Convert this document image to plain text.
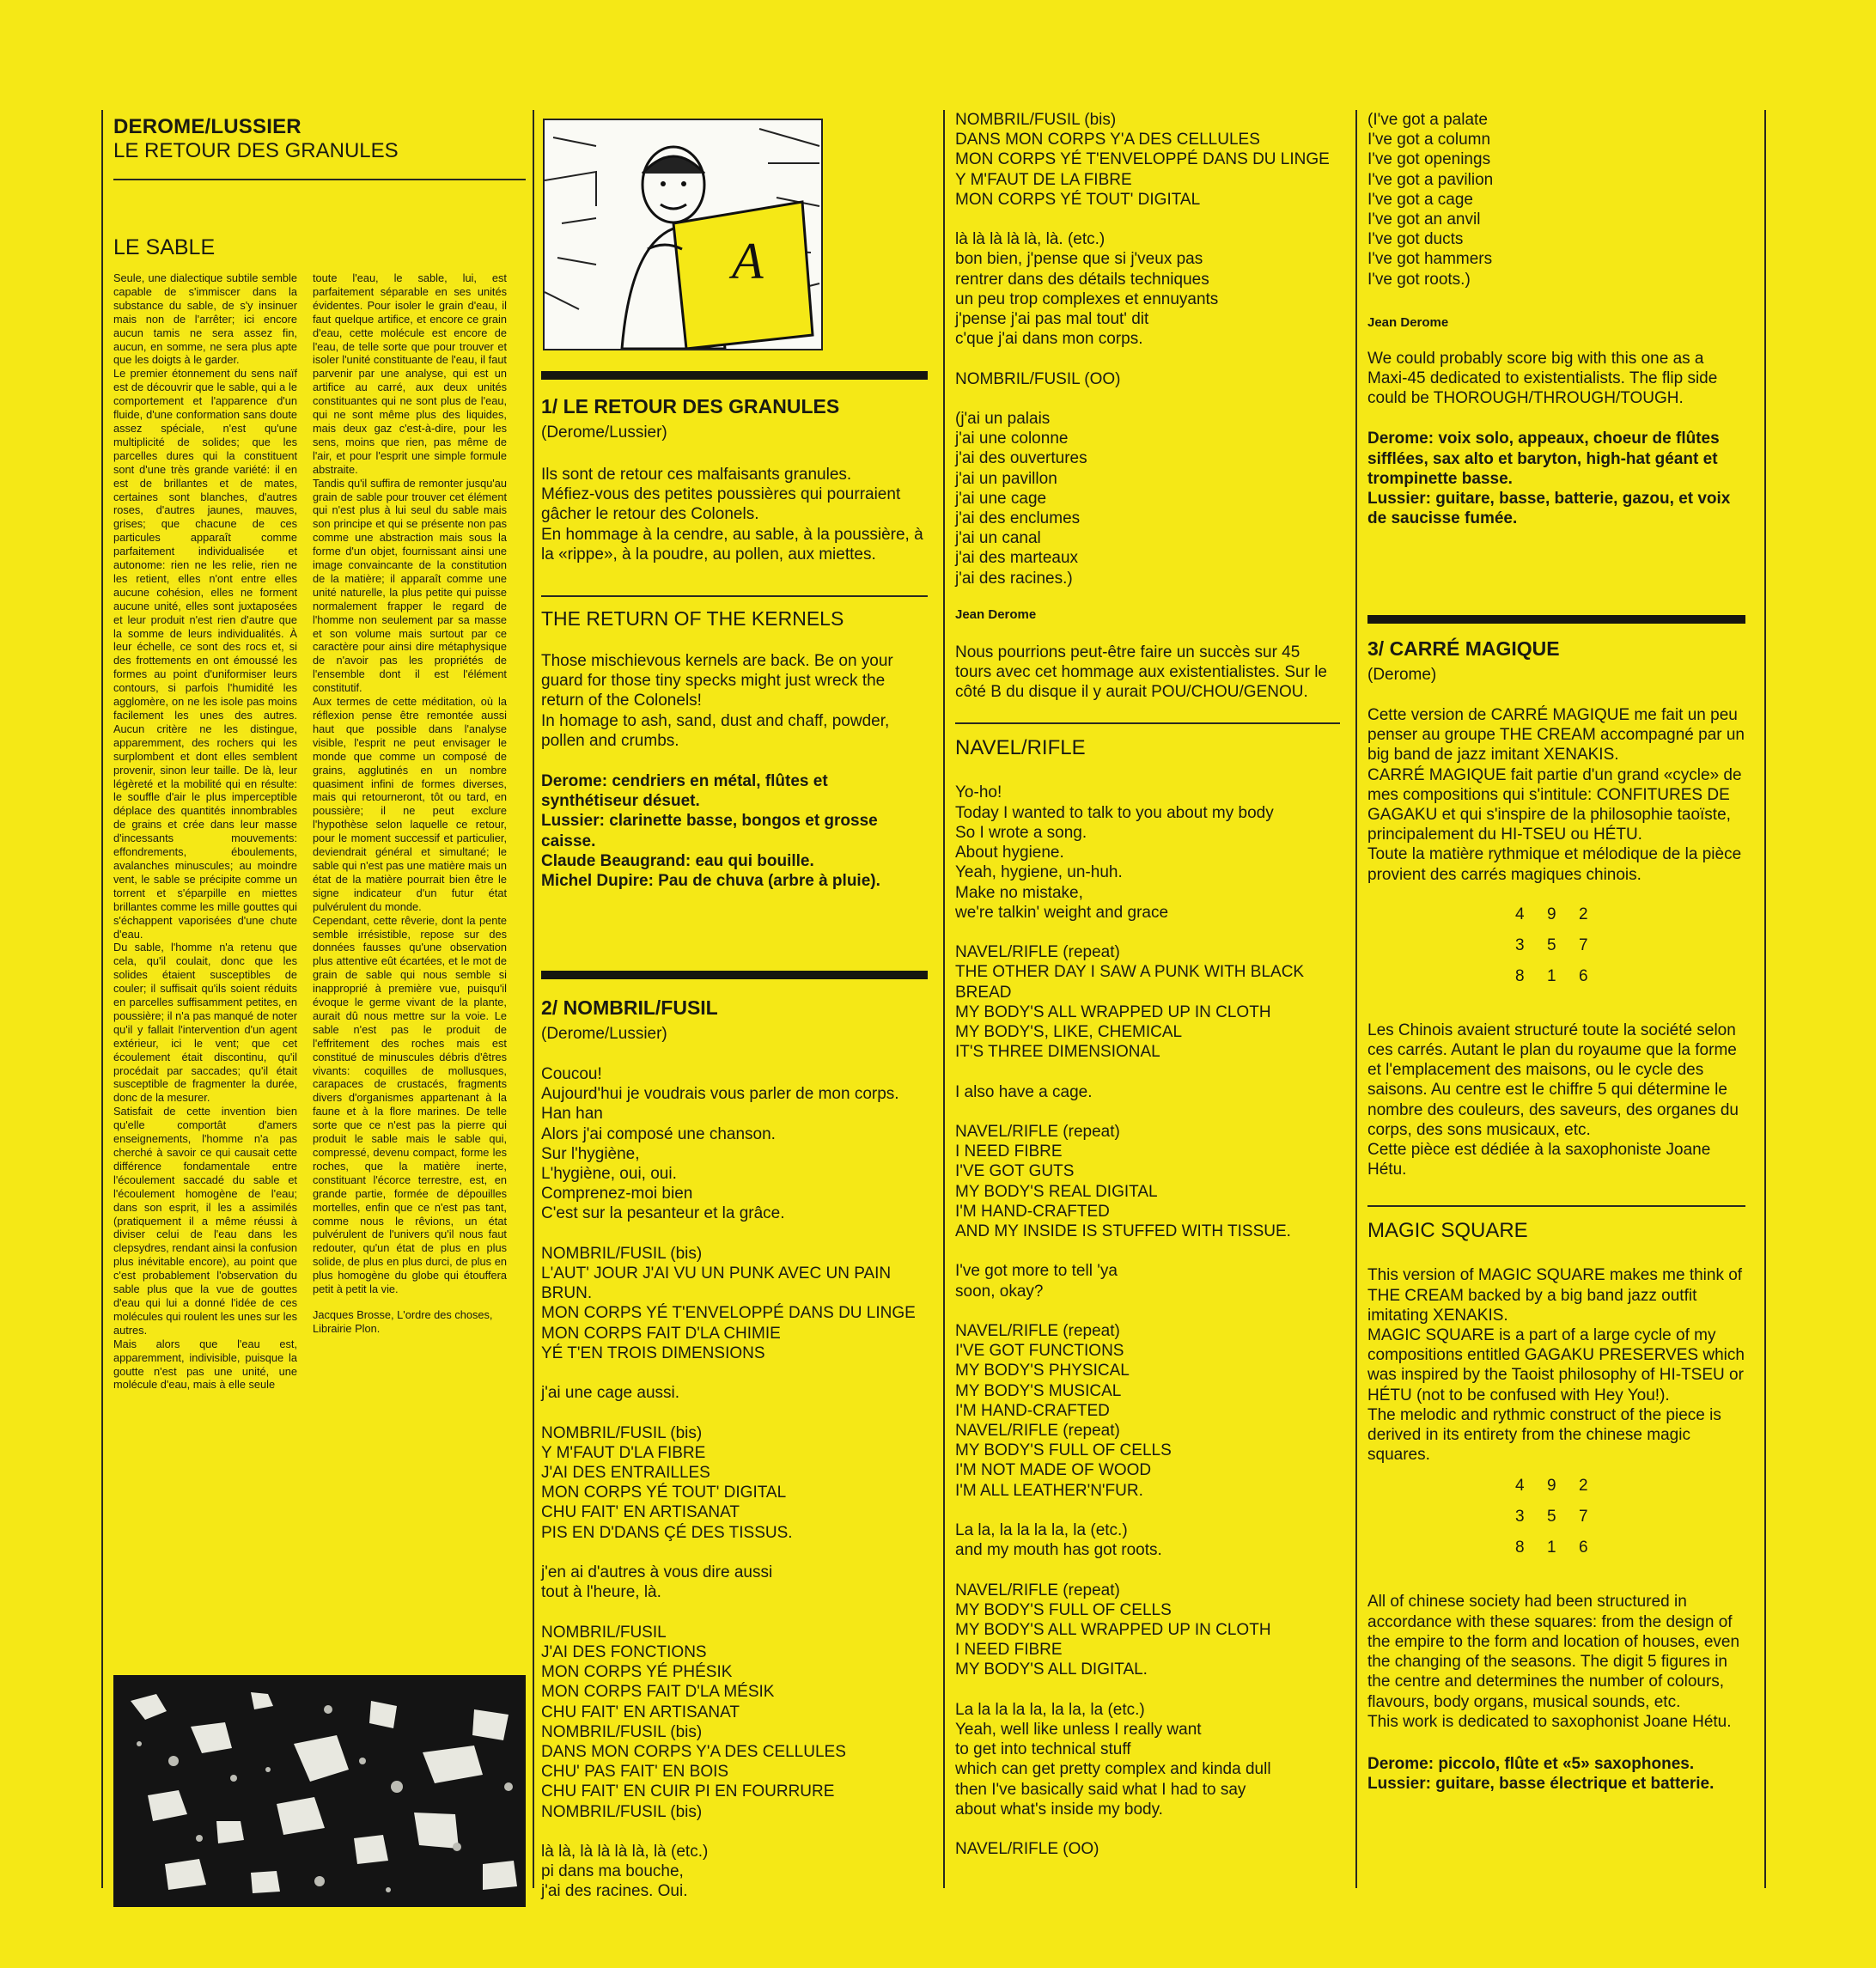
DEROME/LUSSIER

LE RETOUR DES GRANULES

LE SABLE

Seule, une dialectique subtile semble capable de s'immiscer dans la substance du sable, de s'y insinuer mais non de l'arrêter; ici encore aucun tamis ne sera assez fin, aucun, en somme, ne sera plus apte que les doigts à le garder.
Le premier étonnement du sens naïf est de découvrir que le sable, qui a le comportement et l'apparence d'un fluide, d'une conformation sans doute assez spéciale, n'est qu'une multiplicité de solides; que les parcelles dures qui la constituent sont d'une très grande variété: il en est de brillantes et de mates, certaines sont blanches, d'autres roses, d'autres jaunes, mauves, grises; que chacune de ces particules apparaît comme parfaitement individualisée et autonome: rien ne les relie, rien ne les retient, elles n'ont entre elles aucune cohésion, elles ne forment aucune unité, elles sont juxtaposées et leur produit n'est rien d'autre que la somme de leurs individualités. À leur échelle, ce sont des rocs et, si des frottements en ont émoussé les formes au point d'uniformiser leurs contours, si parfois l'humidité les agglomère, on ne les isole pas moins facilement les unes des autres. Aucun critère ne les distingue, apparemment, des rochers qui les surplombent et dont elles semblent provenir, sinon leur taille. De là, leur légèreté et la mobilité qui en résulte: le souffle d'air le plus imperceptible déplace des quantités innombrables de grains et crée dans leur masse d'incessants mouvements: effondrements, éboulements, avalanches minuscules; au moindre vent, le sable se précipite comme un torrent et s'éparpille en miettes brillantes comme les mille gouttes qui s'échappent vaporisées d'une chute d'eau.
Du sable, l'homme n'a retenu que cela, qu'il coulait, donc que les solides étaient susceptibles de couler; il suffisait qu'ils soient réduits en parcelles suffisamment petites, en poussière; il n'a pas manqué de noter qu'il y fallait l'intervention d'un agent extérieur, ici le vent; que cet écoulement était discontinu, qu'il procédait par saccades; qu'il était susceptible de fragmenter la durée, donc de la mesurer.
Satisfait de cette invention bien qu'elle comportât d'amers enseignements, l'homme n'a pas cherché à savoir ce qui causait cette différence fondamentale entre l'écoulement saccadé du sable et l'écoulement homogène de l'eau; dans son esprit, il les a assimilés (pratiquement il a même réussi à diviser celui de l'eau dans les clepsydres, rendant ainsi la confusion plus inévitable encore), au point que c'est probablement l'observation du sable plus que la vue de gouttes d'eau qui lui a donné l'idée de ces molécules qui roulent les unes sur les autres.
Mais alors que l'eau est, apparemment, indivisible, puisque la goutte n'est pas une unité, une molécule d'eau, mais à elle seule
toute l'eau, le sable, lui, est parfaitement séparable en ses unités évidentes. Pour isoler le grain d'eau, il faut quelque artifice, et encore ce grain d'eau, cette molécule est encore de l'eau, de telle sorte que pour trouver et isoler l'unité constituante de l'eau, il faut parvenir par une analyse, qui est un artifice au carré, aux deux unités constituantes qui ne sont plus de l'eau, qui ne sont même plus des liquides, mais deux gaz c'est-à-dire, pour les sens, moins que rien, pas même de l'air, et pour l'esprit une simple formule abstraite.
Tandis qu'il suffira de remonter jusqu'au grain de sable pour trouver cet élément qui n'est plus à lui seul du sable mais son principe et qui se présente non pas comme une abstraction mais sous la forme d'un objet, fournissant ainsi une image convaincante de la constitution de la matière; il apparaît comme une unité naturelle, la plus petite qui puisse normalement frapper le regard de l'homme non seulement par sa masse et son volume mais surtout par ce caractère pour ainsi dire métaphysique de n'avoir pas les propriétés de l'ensemble dont il est l'élément constitutif.
Aux termes de cette méditation, où la réflexion pense être remontée aussi haut que possible dans l'analyse visible, l'esprit ne peut envisager le monde que comme un composé de grains, agglutinés en un nombre quasiment infini de formes diverses, mais qui retourneront, tôt ou tard, en poussière; il ne peut exclure l'hypothèse selon laquelle ce retour, pour le moment successif et particulier, deviendrait général et simultané; le sable qui n'est pas une matière mais un état de la matière pourrait bien être le signe indicateur d'un futur état pulvérulent du monde.
Cependant, cette rêverie, dont la pente semble irrésistible, repose sur des données fausses qu'une observation plus attentive eût écartées, et le mot de grain de sable qui nous semble si inapproprié à première vue, puisqu'il évoque le germe vivant de la plante, aurait dû nous mettre sur la voie. Le sable n'est pas le produit de l'effritement des roches mais est constitué de minuscules débris d'êtres vivants: coquilles de mollusques, carapaces de crustacés, fragments divers d'organismes appartenant à la faune et à la flore marines. De telle sorte que ce n'est pas la pierre qui produit le sable mais le sable qui, compressé, devenu compact, forme les roches, que la matière inerte, constituant l'écorce terrestre, est, en grande partie, formée de dépouilles mortelles, enfin que ce n'est pas tant, comme nous le rêvions, un état pulvérulent de l'univers qu'il nous faut redouter, qu'un état de plus en plus solide, de plus en plus durci, de plus en plus homogène du globe qui étouffera petit à petit la vie.
Jacques Brosse, L'ordre des choses, Librairie Plon.
A

1/ LE RETOUR DES GRANULES

(Derome/Lussier)

Ils sont de retour ces malfaisants granules.
Méfiez-vous des petites poussières qui pourraient gâcher le retour des Colonels.
En hommage à la cendre, au sable, à la poussière, à la «rippe», à la poudre, au pollen, aux miettes.

THE RETURN OF THE KERNELS

Those mischievous kernels are back. Be on your guard for those tiny specks might just wreck the return of the Colonels!
In homage to ash, sand, dust and chaff, powder, pollen and crumbs.
Derome: cendriers en métal, flûtes et synthétiseur désuet.
Lussier: clarinette basse, bongos et grosse caisse.
Claude Beaugrand: eau qui bouille.
Michel Dupire: Pau de chuva (arbre à pluie).

2/ NOMBRIL/FUSIL

(Derome/Lussier)

Coucou!
Aujourd'hui je voudrais vous parler de mon corps.
Han han
Alors j'ai composé une chanson.
Sur l'hygiène,
L'hygiène, oui, oui.
Comprenez-moi bien
C'est sur la pesanteur et la grâce.

NOMBRIL/FUSIL (bis)
L'AUT' JOUR J'AI VU UN PUNK AVEC UN PAIN BRUN.
MON CORPS YÉ T'ENVELOPPÉ DANS DU LINGE
MON CORPS FAIT D'LA CHIMIE
YÉ T'EN TROIS DIMENSIONS

j'ai une cage aussi.

NOMBRIL/FUSIL (bis)
Y M'FAUT D'LA FIBRE
J'AI DES ENTRAILLES
MON CORPS YÉ TOUT' DIGITAL
CHU FAIT' EN ARTISANAT
PIS EN D'DANS ÇÉ DES TISSUS.

j'en ai d'autres à vous dire aussi
tout à l'heure, là.

NOMBRIL/FUSIL
J'AI DES FONCTIONS
MON CORPS YÉ PHÉSIK
MON CORPS FAIT D'LA MÉSIK
CHU FAIT' EN ARTISANAT
NOMBRIL/FUSIL (bis)
DANS MON CORPS Y'A DES CELLULES
CHU' PAS FAIT' EN BOIS
CHU FAIT' EN CUIR PI EN FOURRURE
NOMBRIL/FUSIL (bis)

là là, là là là là, là (etc.)
pi dans ma bouche,
j'ai des racines. Oui.
NOMBRIL/FUSIL (bis)
DANS MON CORPS Y'A DES CELLULES
MON CORPS YÉ T'ENVELOPPÉ DANS DU LINGE
Y M'FAUT DE LA FIBRE
MON CORPS YÉ TOUT' DIGITAL

là là là là là, là. (etc.)
bon bien, j'pense que si j'veux pas
rentrer dans des détails techniques
un peu trop complexes et ennuyants
j'pense j'ai pas mal tout' dit
c'que j'ai dans mon corps.

NOMBRIL/FUSIL (OO)

(j'ai un palais
j'ai une colonne
j'ai des ouvertures
j'ai un pavillon
j'ai une cage
j'ai des enclumes
j'ai un canal
j'ai des marteaux
j'ai des racines.)
Jean Derome
Nous pourrions peut-être faire un succès sur 45 tours avec cet hommage aux existentialistes. Sur le côté B du disque il y aurait POU/CHOU/GENOU.

NAVEL/RIFLE

Yo-ho!
Today I wanted to talk to you about my body
So I wrote a song.
About hygiene.
Yeah, hygiene, un-huh.
Make no mistake,
we're talkin' weight and grace

NAVEL/RIFLE (repeat)
THE OTHER DAY I SAW A PUNK WITH BLACK BREAD
MY BODY'S ALL WRAPPED UP IN CLOTH
MY BODY'S, LIKE, CHEMICAL
IT'S THREE DIMENSIONAL

I also have a cage.

NAVEL/RIFLE (repeat)
I NEED FIBRE
I'VE GOT GUTS
MY BODY'S REAL DIGITAL
I'M HAND-CRAFTED
AND MY INSIDE IS STUFFED WITH TISSUE.

I've got more to tell 'ya
soon, okay?

NAVEL/RIFLE (repeat)
I'VE GOT FUNCTIONS
MY BODY'S PHYSICAL
MY BODY'S MUSICAL
I'M HAND-CRAFTED
NAVEL/RIFLE (repeat)
MY BODY'S FULL OF CELLS
I'M NOT MADE OF WOOD
I'M ALL LEATHER'N'FUR.

La la, la la la la, la (etc.)
and my mouth has got roots.

NAVEL/RIFLE (repeat)
MY BODY'S FULL OF CELLS
MY BODY'S ALL WRAPPED UP IN CLOTH
I NEED FIBRE
MY BODY'S ALL DIGITAL.

La la la la la, la la, la (etc.)
Yeah, well like unless I really want
to get into technical stuff
which can get pretty complex and kinda dull
then I've basically said what I had to say
about what's inside my body.

NAVEL/RIFLE (OO)
(I've got a palate
I've got a column
I've got openings
I've got a pavilion
I've got a cage
I've got an anvil
I've got ducts
I've got hammers
I've got roots.)
Jean Derome
We could probably score big with this one as a Maxi-45 dedicated to existentialists. The flip side could be THOROUGH/THROUGH/TOUGH.
Derome: voix solo, appeaux, choeur de flûtes sifflées, sax alto et baryton, high-hat géant et trompinette basse.
Lussier: guitare, basse, batterie, gazou, et voix de saucisse fumée.

3/ CARRÉ MAGIQUE

(Derome)

Cette version de CARRÉ MAGIQUE me fait un peu penser au groupe THE CREAM accompagné par un big band de jazz imitant XENAKIS.
CARRÉ MAGIQUE fait partie d'un grand «cycle» de mes compositions qui s'intitule: CONFITURES DE GAGAKU et qui s'inspire de la philosophie taoïste, principalement du HI-TSEU ou HÉTU.
Toute la matière rythmique et mélodique de la pièce provient des carrés magiques chinois.
4	9	2
3	5	7
8	1	6
Les Chinois avaient structuré toute la société selon ces carrés. Autant le plan du royaume que la forme et l'emplacement des maisons, ou le cycle des saisons. Au centre est le chiffre 5 qui détermine le nombre des couleurs, des saveurs, des organes du corps, des sons musicaux, etc.
Cette pièce est dédiée à la saxophoniste Joane Hétu.

MAGIC SQUARE

This version of MAGIC SQUARE makes me think of THE CREAM backed by a big band jazz outfit imitating XENAKIS.
MAGIC SQUARE is a part of a large cycle of my compositions entitled GAGAKU PRESERVES which was inspired by the Taoist philosophy of HI-TSEU or HÉTU (not to be confused with Hey You!).
The melodic and rythmic construct of the piece is derived in its entirety from the chinese magic squares.
4	9	2
3	5	7
8	1	6
All of chinese society had been structured in accordance with these squares: from the design of the empire to the form and location of houses, even the changing of the seasons. The digit 5 figures in the centre and determines the number of colours, flavours, body organs, musical sounds, etc.
This work is dedicated to saxophonist Joane Hétu.
Derome: piccolo, flûte et «5» saxophones.
Lussier: guitare, basse électrique et batterie.
